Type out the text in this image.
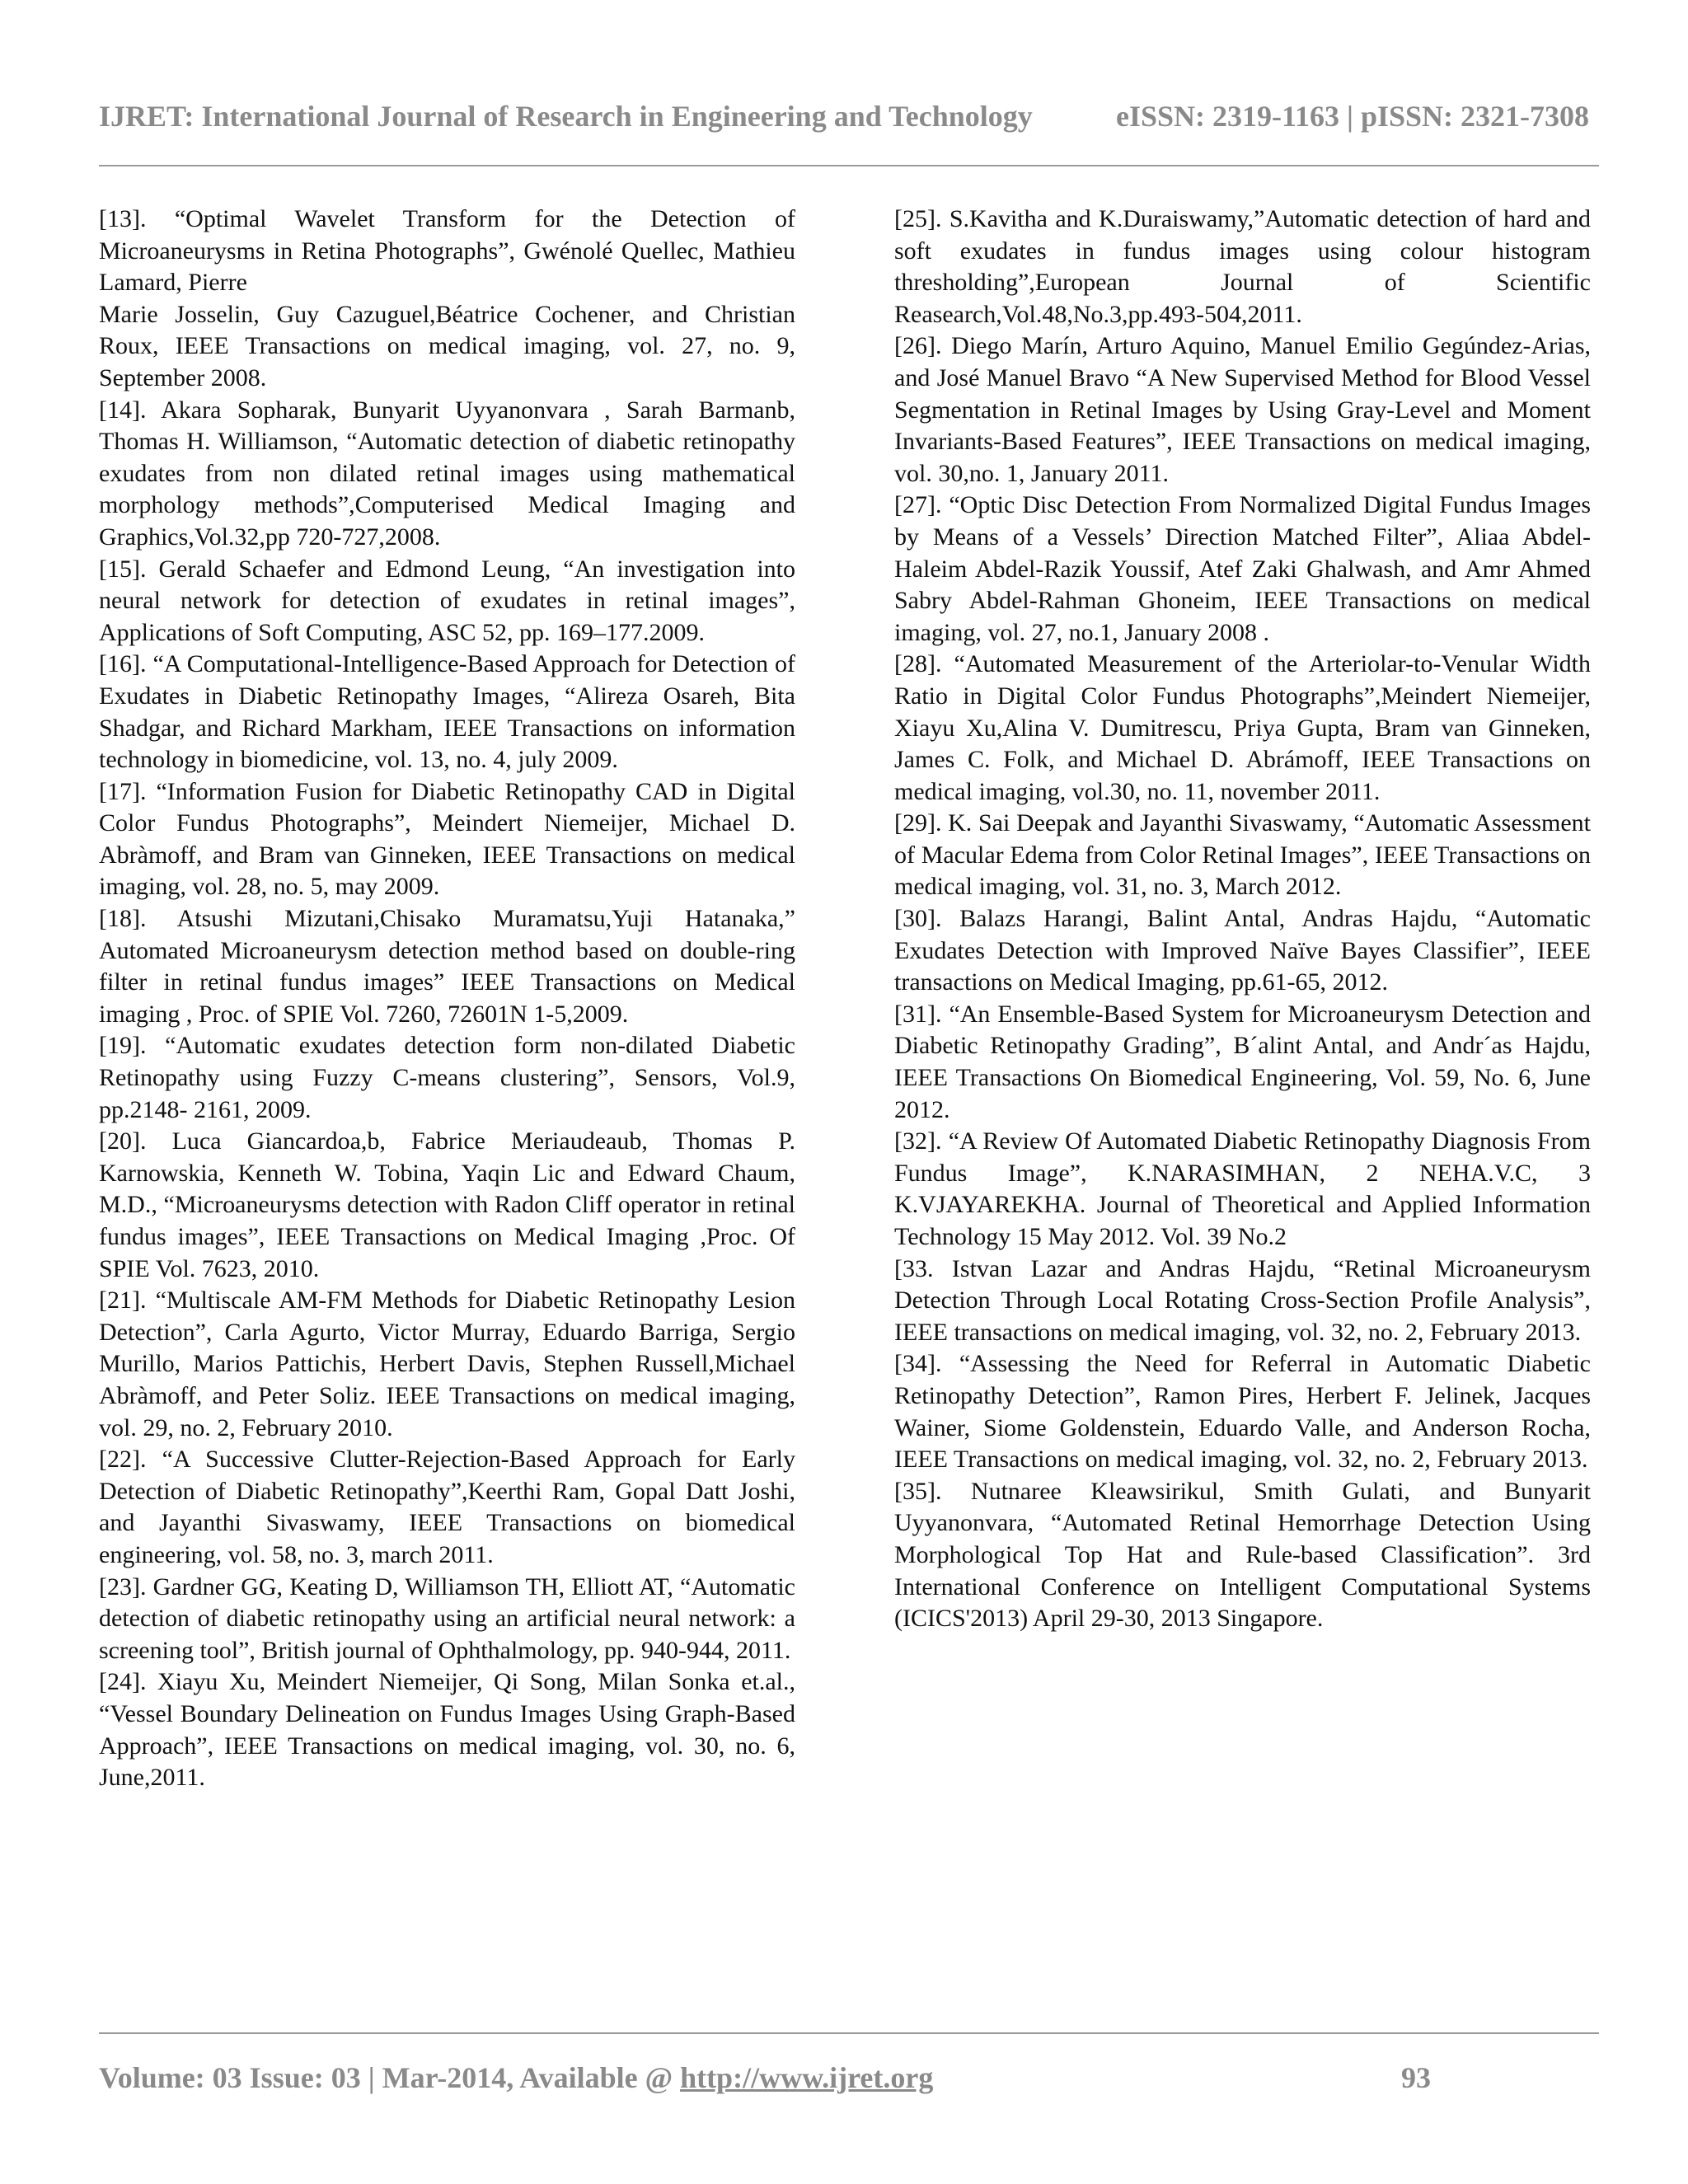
IJRET: International Journal of Research in Engineering and Technology	eISSN: 2319-1163 | pISSN: 2321-7308

[13]. “Optimal Wavelet Transform for the Detection of Microaneurysms in Retina Photographs”, Gwénolé Quellec, Mathieu Lamard, Pierre

Marie Josselin, Guy Cazuguel,Béatrice Cochener, and Christian Roux, IEEE Transactions on medical imaging, vol. 27, no. 9, September 2008.

[14]. Akara Sopharak, Bunyarit Uyyanonvara , Sarah Barmanb, Thomas H. Williamson, “Automatic detection of diabetic retinopathy exudates from non dilated retinal images using mathematical morphology methods”,Computerised Medical Imaging and Graphics,Vol.32,pp 720-727,2008.

[15]. Gerald Schaefer and Edmond Leung, “An investigation into neural network for detection of exudates in retinal images”, Applications of Soft Computing, ASC 52, pp. 169–177.2009.

[16]. “A Computational-Intelligence-Based Approach for Detection of Exudates in Diabetic Retinopathy Images, “Alireza Osareh, Bita Shadgar, and Richard Markham, IEEE Transactions on information technology in biomedicine, vol. 13, no. 4, july 2009.

[17]. “Information Fusion for Diabetic Retinopathy CAD in Digital Color Fundus Photographs”, Meindert Niemeijer, Michael D. Abràmoff, and Bram van Ginneken, IEEE Transactions on medical imaging, vol. 28, no. 5, may 2009.

[18]. Atsushi Mizutani,Chisako Muramatsu,Yuji Hatanaka,” Automated Microaneurysm detection method based on double-ring filter in retinal fundus images” IEEE Transactions on Medical imaging , Proc. of SPIE Vol. 7260, 72601N 1-5,2009.

[19]. “Automatic exudates detection form non-dilated Diabetic Retinopathy using Fuzzy C-means clustering”, Sensors, Vol.9, pp.2148- 2161, 2009.

[20]. Luca Giancardoa,b, Fabrice Meriaudeaub, Thomas P. Karnowskia, Kenneth W. Tobina, Yaqin Lic and Edward Chaum, M.D., “Microaneurysms detection with Radon Cliff operator in retinal fundus images”, IEEE Transactions on Medical Imaging ,Proc. Of SPIE Vol. 7623, 2010.

[21]. “Multiscale AM-FM Methods for Diabetic Retinopathy Lesion Detection”, Carla Agurto, Victor Murray, Eduardo Barriga, Sergio Murillo, Marios Pattichis, Herbert Davis, Stephen Russell,Michael Abràmoff, and Peter Soliz. IEEE Transactions on medical imaging, vol. 29, no. 2, February 2010.

[22]. “A Successive Clutter-Rejection-Based Approach for Early Detection of Diabetic Retinopathy”,Keerthi Ram, Gopal Datt Joshi, and Jayanthi Sivaswamy, IEEE Transactions on biomedical engineering, vol. 58, no. 3, march 2011.

[23]. Gardner GG, Keating D, Williamson TH, Elliott AT, “Automatic detection of diabetic retinopathy using an artificial neural network: a screening tool”, British journal of Ophthalmology, pp. 940-944, 2011.

[24]. Xiayu Xu, Meindert Niemeijer, Qi Song, Milan Sonka et.al., “Vessel Boundary Delineation on Fundus Images Using Graph-Based Approach”, IEEE Transactions on medical imaging, vol. 30, no. 6, June,2011.

[25]. S.Kavitha and K.Duraiswamy,”Automatic detection of hard and soft exudates in fundus images using colour histogram thresholding”,European Journal of Scientific Reasearch,Vol.48,No.3,pp.493-504,2011.

[26]. Diego Marín, Arturo Aquino, Manuel Emilio Gegúndez-Arias, and José Manuel Bravo “A New Supervised Method for Blood Vessel Segmentation in Retinal Images by Using Gray-Level and Moment Invariants-Based Features”, IEEE Transactions on medical imaging, vol. 30,no. 1, January 2011.

[27]. “Optic Disc Detection From Normalized Digital Fundus Images by Means of a Vessels’ Direction Matched Filter”, Aliaa Abdel-Haleim Abdel-Razik Youssif, Atef Zaki Ghalwash, and Amr Ahmed Sabry Abdel-Rahman Ghoneim, IEEE Transactions on medical imaging, vol. 27, no.1, January 2008 .

[28]. “Automated Measurement of the Arteriolar-to-Venular Width Ratio in Digital Color Fundus Photographs”,Meindert Niemeijer, Xiayu Xu,Alina V. Dumitrescu, Priya Gupta, Bram van Ginneken, James C. Folk, and Michael D. Abrámoff, IEEE Transactions on medical imaging, vol.30, no. 11, november 2011.

[29]. K. Sai Deepak and Jayanthi Sivaswamy, “Automatic Assessment of Macular Edema from Color Retinal Images”, IEEE Transactions on medical imaging, vol. 31, no. 3, March 2012.

[30]. Balazs Harangi, Balint Antal, Andras Hajdu, “Automatic Exudates Detection with Improved Naïve Bayes Classifier”, IEEE transactions on Medical Imaging, pp.61-65, 2012.

[31]. “An Ensemble-Based System for Microaneurysm Detection and Diabetic Retinopathy Grading”, B´alint Antal, and Andr´as Hajdu, IEEE Transactions On Biomedical Engineering, Vol. 59, No. 6, June 2012.

[32]. “A Review Of Automated Diabetic Retinopathy Diagnosis From Fundus Image”, K.NARASIMHAN, 2 NEHA.V.C, 3 K.VJAYAREKHA. Journal of Theoretical and Applied Information Technology 15 May 2012. Vol. 39 No.2

[33. Istvan Lazar and Andras Hajdu, “Retinal Microaneurysm Detection Through Local Rotating Cross-Section Profile Analysis”, IEEE transactions on medical imaging, vol. 32, no. 2, February 2013.

[34]. “Assessing the Need for Referral in Automatic Diabetic Retinopathy Detection”, Ramon Pires, Herbert F. Jelinek, Jacques Wainer, Siome Goldenstein, Eduardo Valle, and Anderson Rocha, IEEE Transactions on medical imaging, vol. 32, no. 2, February 2013.

[35]. Nutnaree Kleawsirikul, Smith Gulati, and Bunyarit Uyyanonvara, “Automated Retinal Hemorrhage Detection Using Morphological Top Hat and Rule-based Classification”. 3rd International Conference on Intelligent Computational Systems (ICICS'2013) April 29-30, 2013 Singapore.

Volume: 03 Issue: 03 | Mar-2014, Available @ http://www.ijret.org	93
